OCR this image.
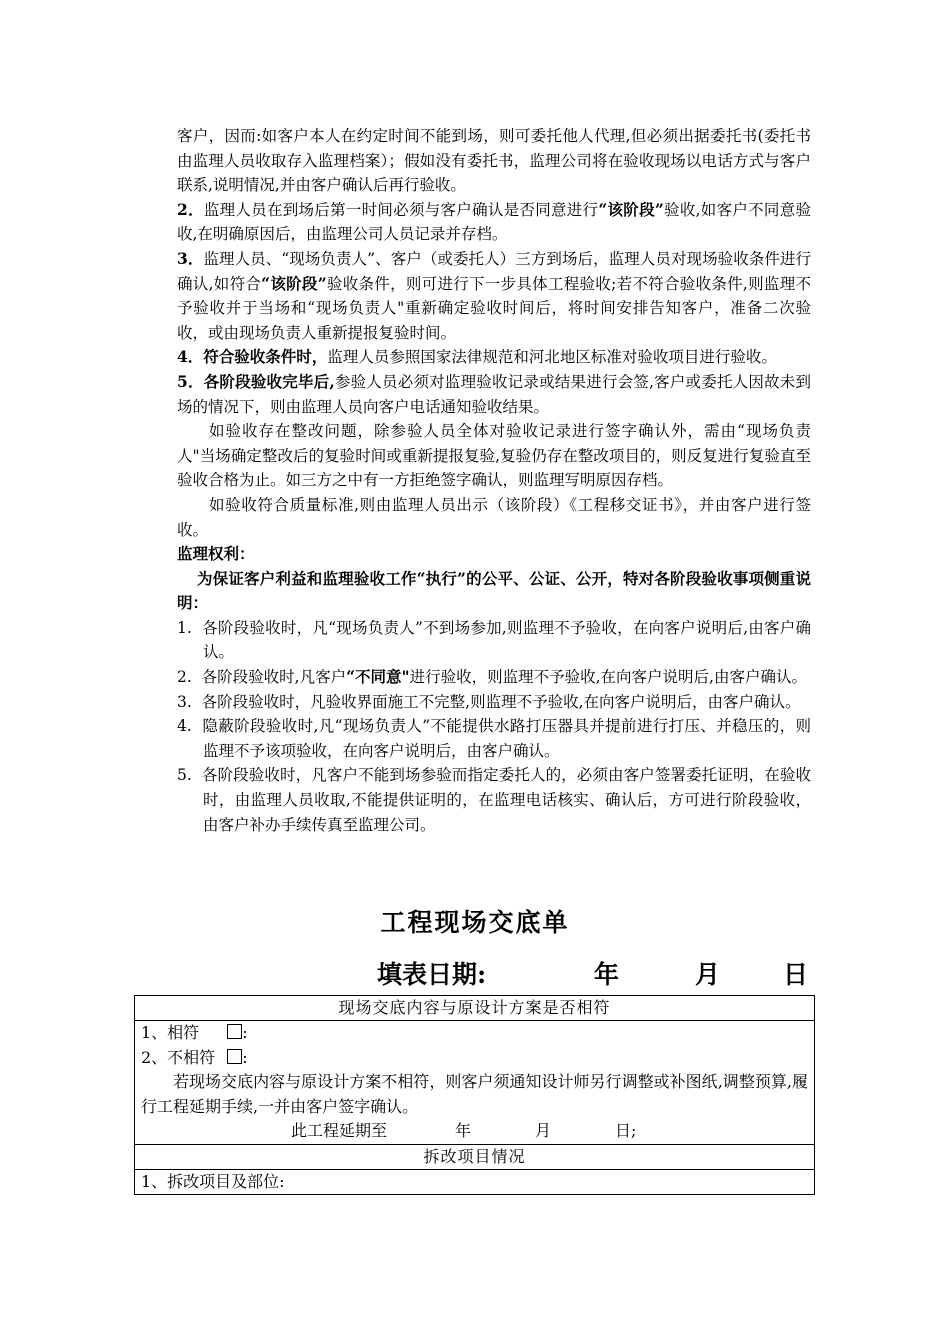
客户，因而:如客户本人在约定时间不能到场，则可委托他人代理,但必须出据委托书(委托书由监理人员收取存入监理档案）；假如没有委托书，监理公司将在验收现场以电话方式与客户联系,说明情况,并由客户确认后再行验收。

2．监理人员在到场后第一时间必须与客户确认是否同意进行“该阶段”验收,如客户不同意验收,在明确原因后，由监理公司人员记录并存档。

3．监理人员、“现场负责人”、客户（或委托人）三方到场后，监理人员对现场验收条件进行确认,如符合“该阶段”验收条件，则可进行下一步具体工程验收;若不符合验收条件,则监理不予验收并于当场和“现场负责人"重新确定验收时间后，将时间安排告知客户，准备二次验收，或由现场负责人重新提报复验时间。

4．符合验收条件时，监理人员参照国家法律规范和河北地区标准对验收项目进行验收。

5．各阶段验收完毕后,参验人员必须对监理验收记录或结果进行会签,客户或委托人因故未到场的情况下，则由监理人员向客户电话通知验收结果。

如验收存在整改问题，除参验人员全体对验收记录进行签字确认外，需由“现场负责人"当场确定整改后的复验时间或重新提报复验,复验仍存在整改项目的，则反复进行复验直至验收合格为止。如三方之中有一方拒绝签字确认，则监理写明原因存档。

如验收符合质量标准,则由监理人员出示（该阶段）《工程移交证书》，并由客户进行签收。

监理权利：

为保证客户利益和监理验收工作“执行”的公平、公证、公开，特对各阶段验收事项侧重说明：

1. 各阶段验收时，凡“现场负责人”不到场参加,则监理不予验收，在向客户说明后,由客户确认。

2. 各阶段验收时,凡客户“不同意"进行验收，则监理不予验收,在向客户说明后,由客户确认。

3. 各阶段验收时，凡验收界面施工不完整,则监理不予验收,在向客户说明后，由客户确认。

4. 隐蔽阶段验收时,凡“现场负责人”不能提供水路打压器具并提前进行打压、并稳压的，则监理不予该项验收，在向客户说明后，由客户确认。

5. 各阶段验收时，凡客户不能到场参验而指定委托人的，必须由客户签署委托证明，在验收时，由监理人员收取,不能提供证明的，在监理电话核实、确认后，方可进行阶段验收，由客户补办手续传真至监理公司。

工程现场交底单
填表日期:	年	月	日
现场交底内容与原设计方案是否相符

1、相符	:
2、不相符 :
若现场交底内容与原设计方案不相符，则客户须通知设计师另行调整或补图纸,调整预算,履行工程延期手续,一并由客户签字确认。
此工程延期至	年	月	日;

拆改项目情况
1、拆改项目及部位:
